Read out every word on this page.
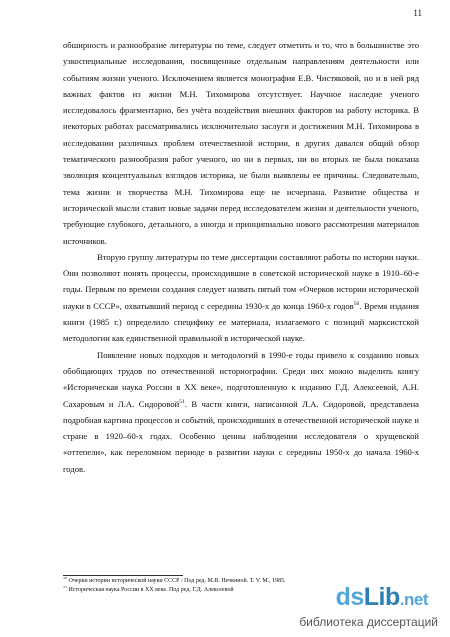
11

обширность и разнообразие литературы по теме, следует отметить и то, что в большинстве это узкоспециальные исследования, посвященные отдельным направлениям деятельности или событиям жизни ученого. Исключением является монография Е.В. Чистяковой, но и в ней ряд важных фактов из жизни М.Н. Тихомирова отсутствует. Научное наследие ученого исследовалось фрагментарно, без учёта воздействия внешних факторов на работу историка. В некоторых работах рассматривались исключительно заслуги и достижения М.Н. Тихомирова в исследовании различных проблем отечественной истории, в других давался общий обзор тематического разнообразия работ ученого, но ни в первых, ни во вторых не была показана эволюция концептуальных взглядов историка, не были выявлены ее причины. Следовательно, тема жизни и творчества М.Н. Тихомирова еще не исчерпана. Развитие общества и исторической мысли ставит новые задачи перед исследователем жизни и деятельности ученого, требующие глубокого, детального, а иногда и принципиально нового рассмотрения материалов источников.

Вторую группу литературы по теме диссертации составляют работы по истории науки. Они позволяют понять процессы, происходившие в советской исторической науке в 1910–60-е годы. Первым по времени создания следует назвать пятый том «Очерков истории исторической науки в СССР», охватывший период с середины 1930-х до конца 1960-х годов$^{50}$. Время издания книги (1985 г.) определило специфику ее материала, излагаемого с позиций марксистской методологии как единственной правильной в исторической науке.

Появление новых подходов и методологий в 1990-е годы привело к созданию новых обобщающих трудов по отечественной историографии. Среди них можно выделить книгу «Историческая наука России в XX веке», подготовленную к изданию Г.Д. Алексеевой, А.Н. Сахаровым и Л.А. Сидоровой$^{51}$. В части книги, написанной Л.А. Сидоровой, представлена подробная картина процессов и событий, происходивших в отечественной исторической науке и стране в 1920–60-х годах. Особенно ценны наблюдения исследователя о хрущевской «оттепели», как переломном периоде в развитии науки с середины 1950-х до начала 1960-х годов.

$^{50}$ Очерки истории исторической науки СССР / Под ред. М.В. Нечкиной. Т. V. М., 1985.
$^{51}$ Историческая наука России в XX веке. Под ред. Г.Д. Алексеевой	dsLib.net
библиотека диссертаций
